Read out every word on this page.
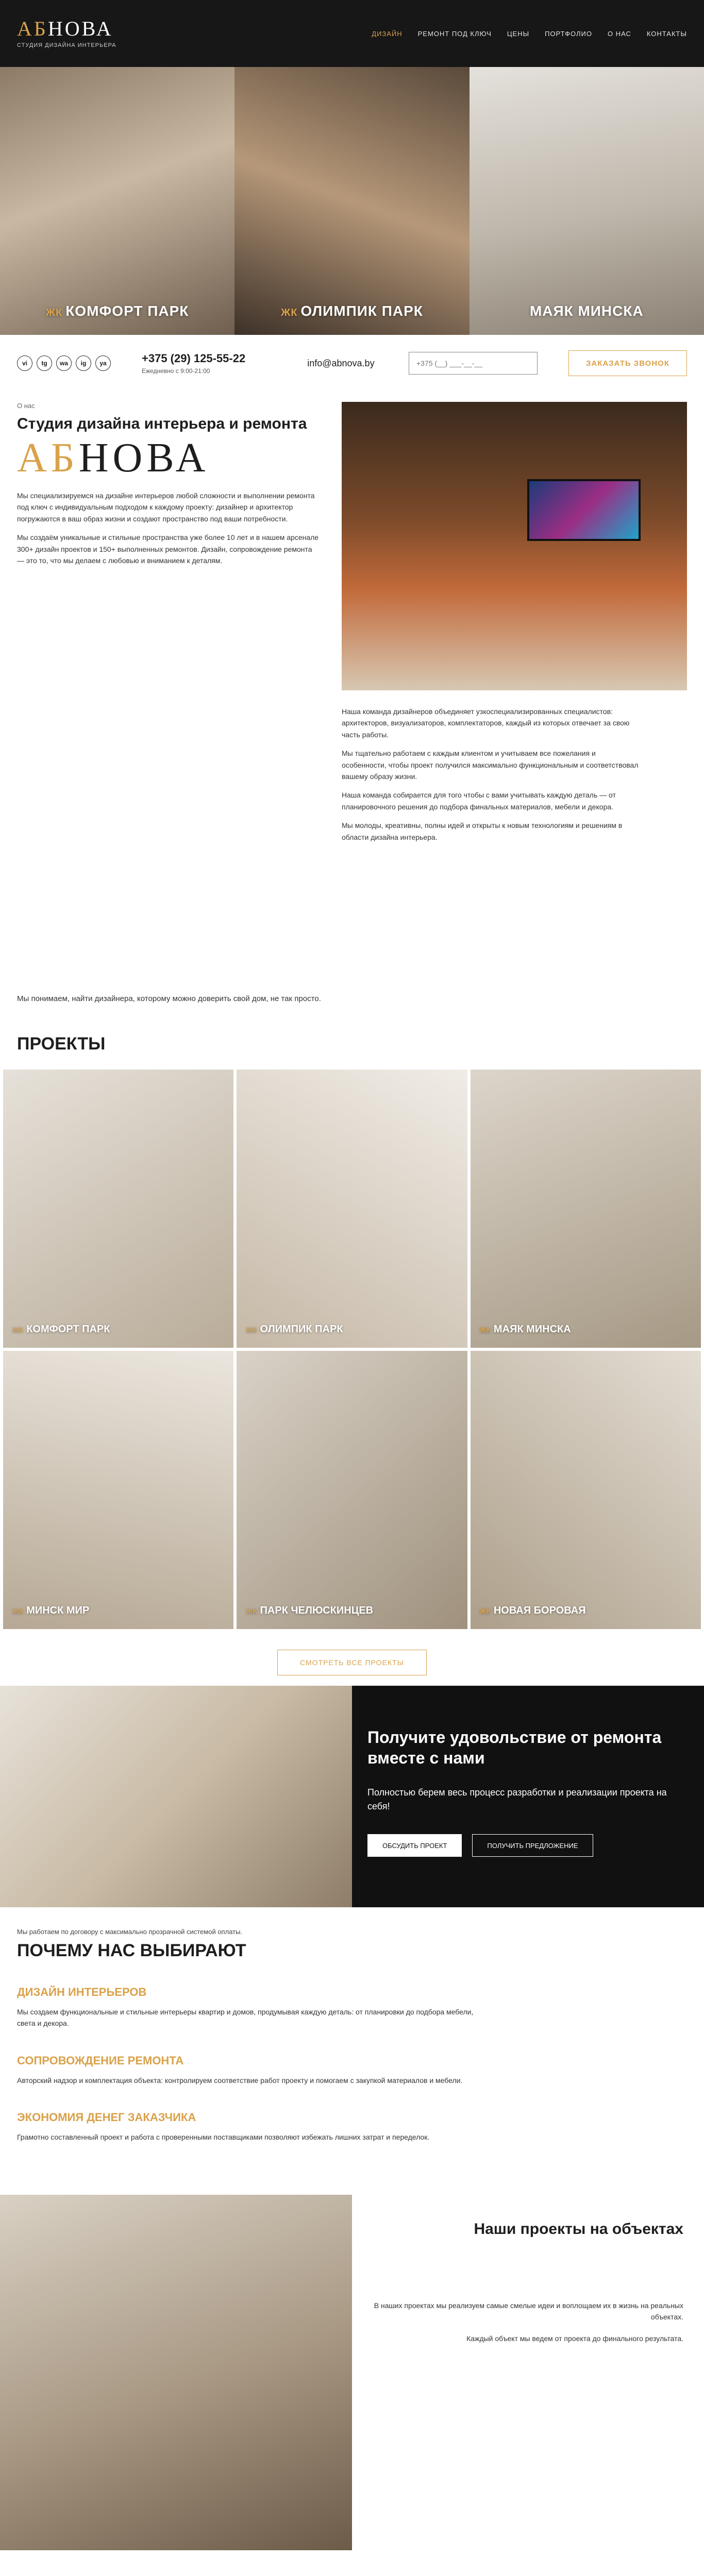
АБНОВА
СТУДИЯ ДИЗАЙНА ИНТЕРЬЕРА
ДИЗАЙН РЕМОНТ ПОД КЛЮЧ ЦЕНЫ ПОРТФОЛИО О НАС КОНТАКТЫ
ЖК КОМФОРТ ПАРК	ЖК ОЛИМПИК ПАРК	МАЯК МИНСКА
vi	tg	wa	ig	ya	+375 (29) 125-55-22
Ежедневно с 9:00-21:00
info@abnova.by
+375 (__) ___-__-__	ЗАКАЗАТЬ ЗВОНОК
О нас
Студия дизайна интерьера и ремонта
АБНОВА

Мы специализируемся на дизайне интерьеров любой сложности и выполнении ремонта под ключ с индивидуальным подходом к каждому проекту: дизайнер и архитектор погружаются в ваш образ жизни и создают пространство под ваши потребности.

Мы создаём уникальные и стильные пространства уже более 10 лет и в нашем арсенале 300+ дизайн проектов и 150+ выполненных ремонтов. Дизайн, сопровождение ремонта — это то, что мы делаем с любовью и вниманием к деталям.

Наша команда дизайнеров объединяет узкоспециализированных специалистов: архитекторов, визуализаторов, комплектаторов, каждый из которых отвечает за свою часть работы.

Мы тщательно работаем с каждым клиентом и учитываем все пожелания и особенности, чтобы проект получился максимально функциональным и соответствовал вашему образу жизни.

Наша команда собирается для того чтобы с вами учитывать каждую деталь — от планировочного решения до подбора финальных материалов, мебели и декора.

Мы молоды, креативны, полны идей и открыты к новым технологиям и решениям в области дизайна интерьера.

Мы понимаем, найти дизайнера, которому можно доверить свой дом, не так просто.

ПРОЕКТЫ
ЖК КОМФОРТ ПАРК	ЖК ОЛИМПИК ПАРК	ЖК МАЯК МИНСКА
ЖК МИНСК МИР	ЖК ПАРК ЧЕЛЮСКИНЦЕВ	ЖК НОВАЯ БОРОВАЯ
СМОТРЕТЬ ВСЕ ПРОЕКТЫ
Получите удовольствие от ремонта вместе с нами

Полностью берем весь процесс разработки и реализации проекта на себя!

ОБСУДИТЬ ПРОЕКТ	ПОЛУЧИТЬ ПРЕДЛОЖЕНИЕ

Мы работаем по договору с максимально прозрачной системой оплаты.

ПОЧЕМУ НАС ВЫБИРАЮТ
ДИЗАЙН ИНТЕРЬЕРОВ

Мы создаем функциональные и стильные интерьеры квартир и домов, продумывая каждую деталь: от планировки до подбора мебели, света и декора.

СОПРОВОЖДЕНИЕ РЕМОНТА

Авторский надзор и комплектация объекта: контролируем соответствие работ проекту и помогаем с закупкой материалов и мебели.

ЭКОНОМИЯ ДЕНЕГ ЗАКАЗЧИКА

Грамотно составленный проект и работа с проверенными поставщиками позволяют избежать лишних затрат и переделок.

Наши проекты на объектах

В наших проектах мы реализуем самые смелые идеи и воплощаем их в жизнь на реальных объектах.

Каждый объект мы ведем от проекта до финального результата.
